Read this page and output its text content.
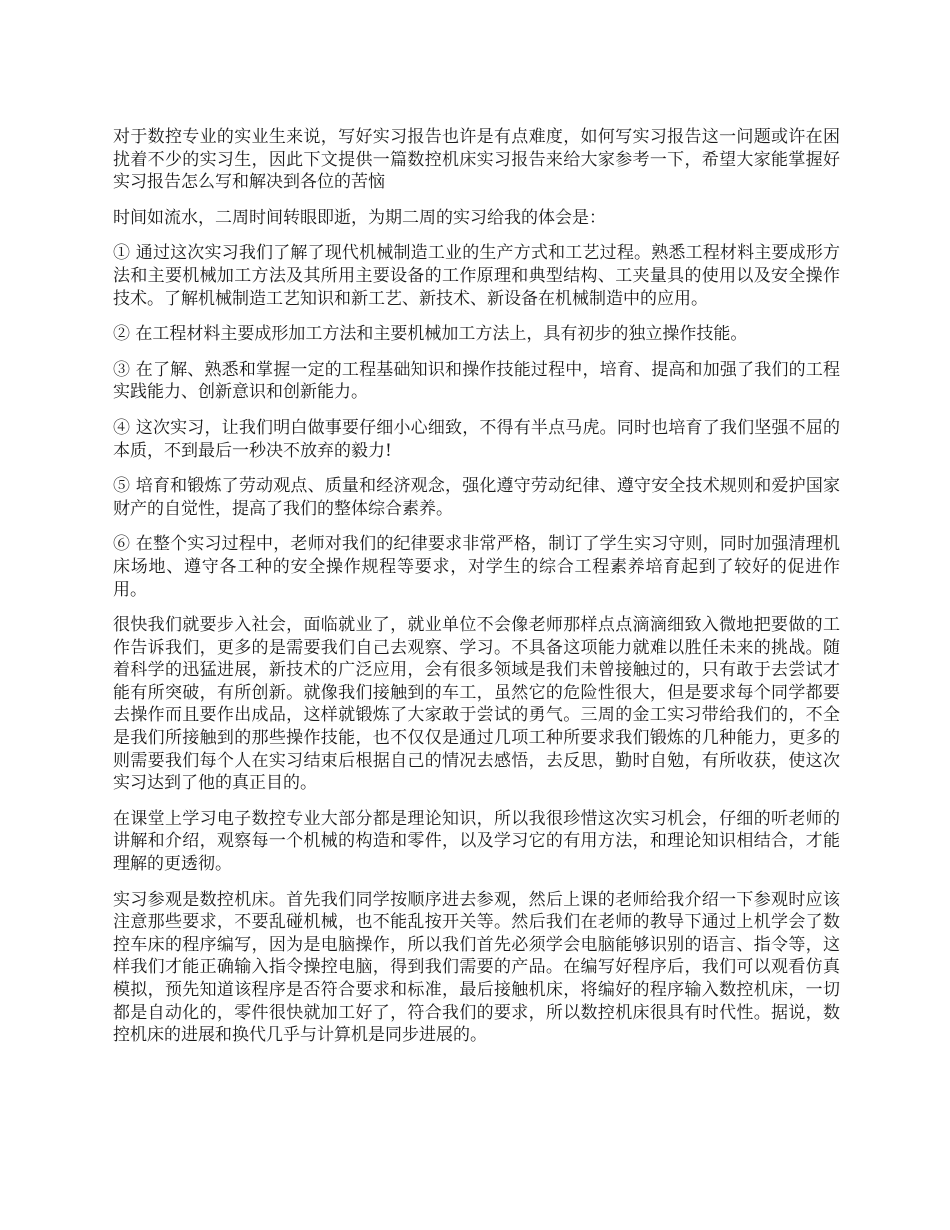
对于数控专业的实业生来说，写好实习报告也许是有点难度，如何写实习报告这一问题或许在困扰着不少的实习生，因此下文提供一篇数控机床实习报告来给大家参考一下，希望大家能掌握好实习报告怎么写和解决到各位的苦恼

时间如流水，二周时间转眼即逝，为期二周的实习给我的体会是：

① 通过这次实习我们了解了现代机械制造工业的生产方式和工艺过程。熟悉工程材料主要成形方法和主要机械加工方法及其所用主要设备的工作原理和典型结构、工夹量具的使用以及安全操作技术。了解机械制造工艺知识和新工艺、新技术、新设备在机械制造中的应用。

② 在工程材料主要成形加工方法和主要机械加工方法上，具有初步的独立操作技能。

③ 在了解、熟悉和掌握一定的工程基础知识和操作技能过程中，培育、提高和加强了我们的工程实践能力、创新意识和创新能力。

④ 这次实习，让我们明白做事要仔细小心细致，不得有半点马虎。同时也培育了我们坚强不屈的本质，不到最后一秒决不放弃的毅力!

⑤ 培育和锻炼了劳动观点、质量和经济观念，强化遵守劳动纪律、遵守安全技术规则和爱护国家财产的自觉性，提高了我们的整体综合素养。

⑥ 在整个实习过程中，老师对我们的纪律要求非常严格，制订了学生实习守则，同时加强清理机床场地、遵守各工种的安全操作规程等要求，对学生的综合工程素养培育起到了较好的促进作用。

很快我们就要步入社会，面临就业了，就业单位不会像老师那样点点滴滴细致入微地把要做的工作告诉我们，更多的是需要我们自己去观察、学习。不具备这项能力就难以胜任未来的挑战。随着科学的迅猛进展，新技术的广泛应用，会有很多领域是我们未曾接触过的，只有敢于去尝试才能有所突破，有所创新。就像我们接触到的车工，虽然它的危险性很大，但是要求每个同学都要去操作而且要作出成品，这样就锻炼了大家敢于尝试的勇气。三周的金工实习带给我们的，不全是我们所接触到的那些操作技能，也不仅仅是通过几项工种所要求我们锻炼的几种能力，更多的则需要我们每个人在实习结束后根据自己的情况去感悟，去反思，勤时自勉，有所收获，使这次实习达到了他的真正目的。

在课堂上学习电子数控专业大部分都是理论知识，所以我很珍惜这次实习机会，仔细的听老师的讲解和介绍，观察每一个机械的构造和零件，以及学习它的有用方法，和理论知识相结合，才能理解的更透彻。

实习参观是数控机床。首先我们同学按顺序进去参观，然后上课的老师给我介绍一下参观时应该注意那些要求，不要乱碰机械，也不能乱按开关等。然后我们在老师的教导下通过上机学会了数控车床的程序编写，因为是电脑操作，所以我们首先必须学会电脑能够识别的语言、指令等，这样我们才能正确输入指令操控电脑，得到我们需要的产品。在编写好程序后，我们可以观看仿真模拟，预先知道该程序是否符合要求和标准，最后接触机床，将编好的程序输入数控机床，一切都是自动化的，零件很快就加工好了，符合我们的要求，所以数控机床很具有时代性。据说，数控机床的进展和换代几乎与计算机是同步进展的。
